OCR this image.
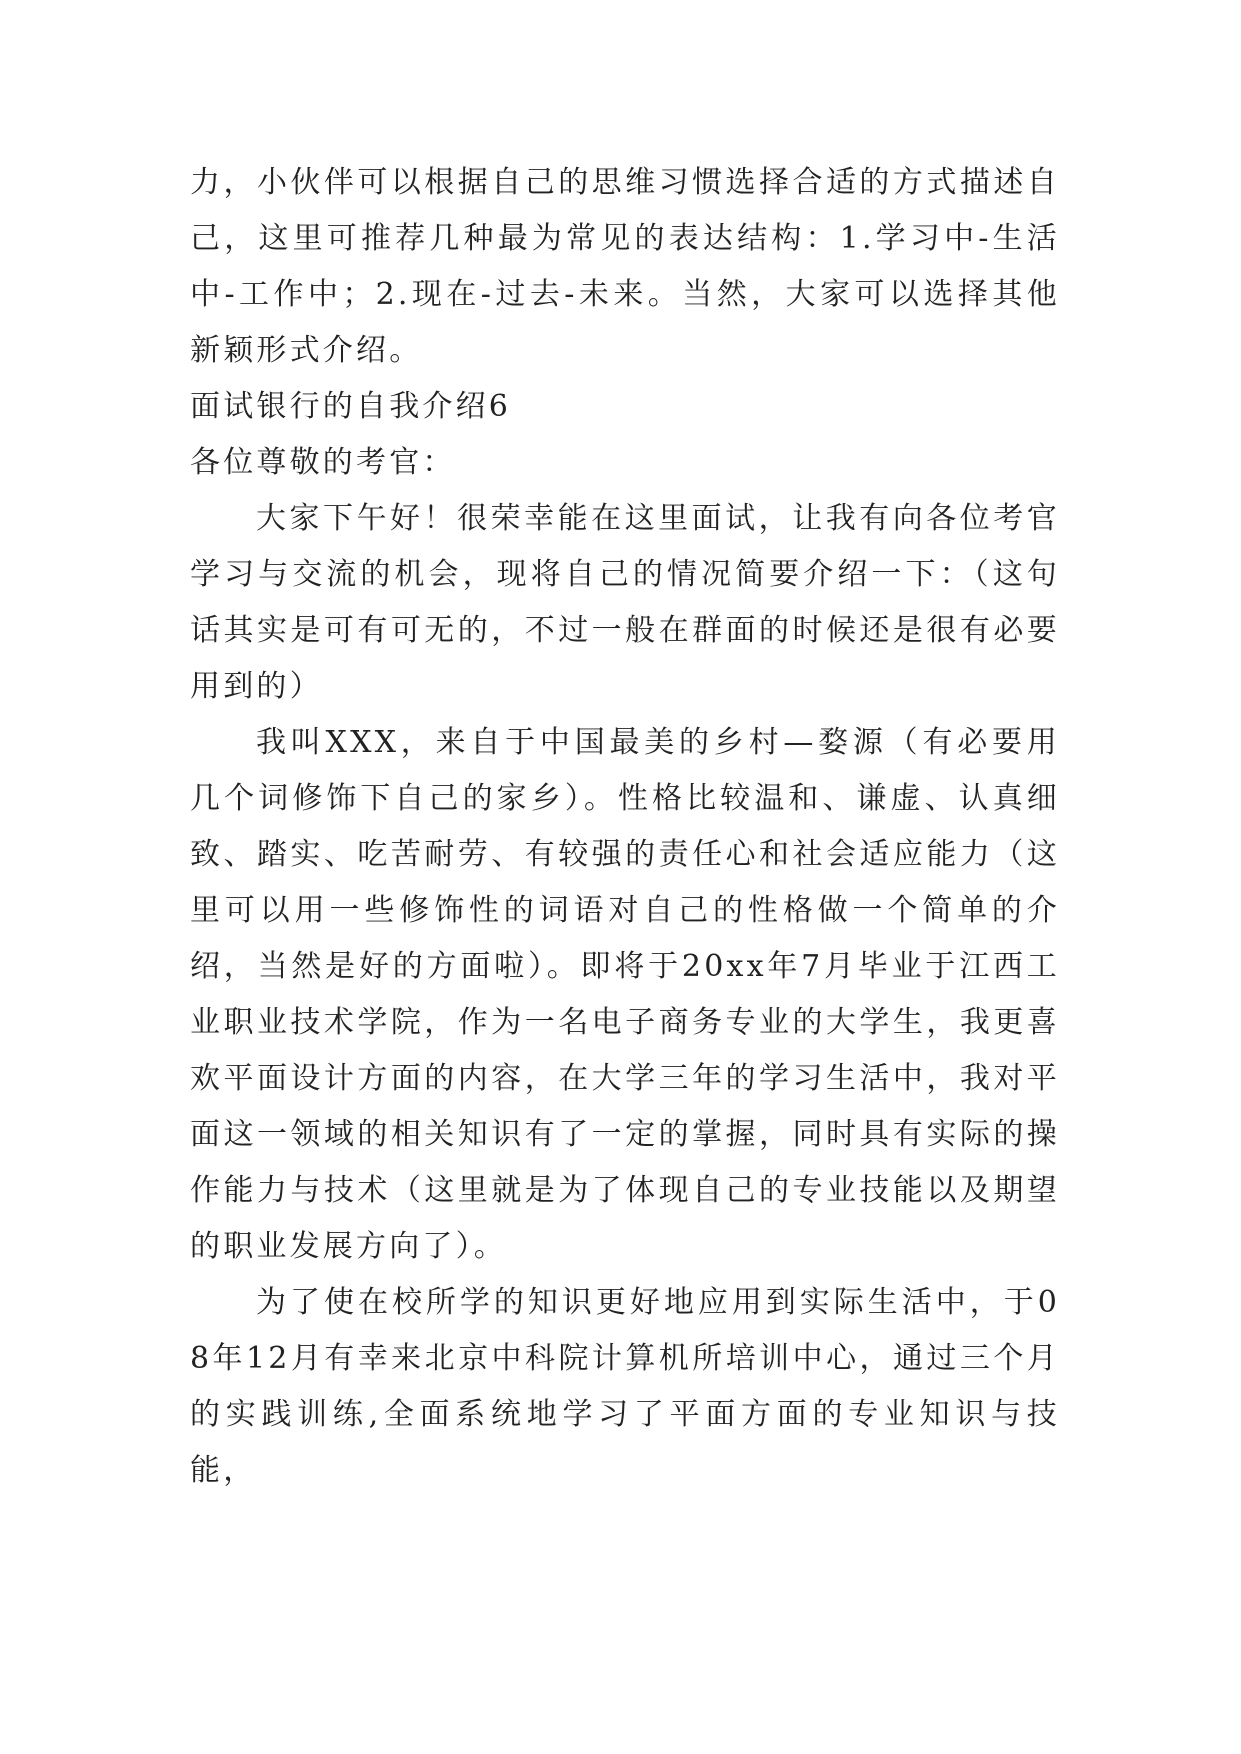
力，小伙伴可以根据自己的思维习惯选择合适的方式描述自己，这里可推荐几种最为常见的表达结构：1.学习中-生活中-工作中；2.现在-过去-未来。当然，大家可以选择其他新颖形式介绍。

面试银行的自我介绍6

各位尊敬的考官：

大家下午好！很荣幸能在这里面试，让我有向各位考官学习与交流的机会，现将自己的情况简要介绍一下：（这句话其实是可有可无的，不过一般在群面的时候还是很有必要用到的）

我叫XXX，来自于中国最美的乡村—婺源（有必要用几个词修饰下自己的家乡）。性格比较温和、谦虚、认真细致、踏实、吃苦耐劳、有较强的责任心和社会适应能力（这里可以用一些修饰性的词语对自己的性格做一个简单的介绍，当然是好的方面啦）。即将于20xx年7月毕业于江西工业职业技术学院，作为一名电子商务专业的大学生，我更喜欢平面设计方面的内容，在大学三年的学习生活中，我对平面这一领域的相关知识有了一定的掌握，同时具有实际的操作能力与技术（这里就是为了体现自己的专业技能以及期望的职业发展方向了）。

为了使在校所学的知识更好地应用到实际生活中，于08年12月有幸来北京中科院计算机所培训中心，通过三个月的实践训练,全面系统地学习了平面方面的专业知识与技能，
